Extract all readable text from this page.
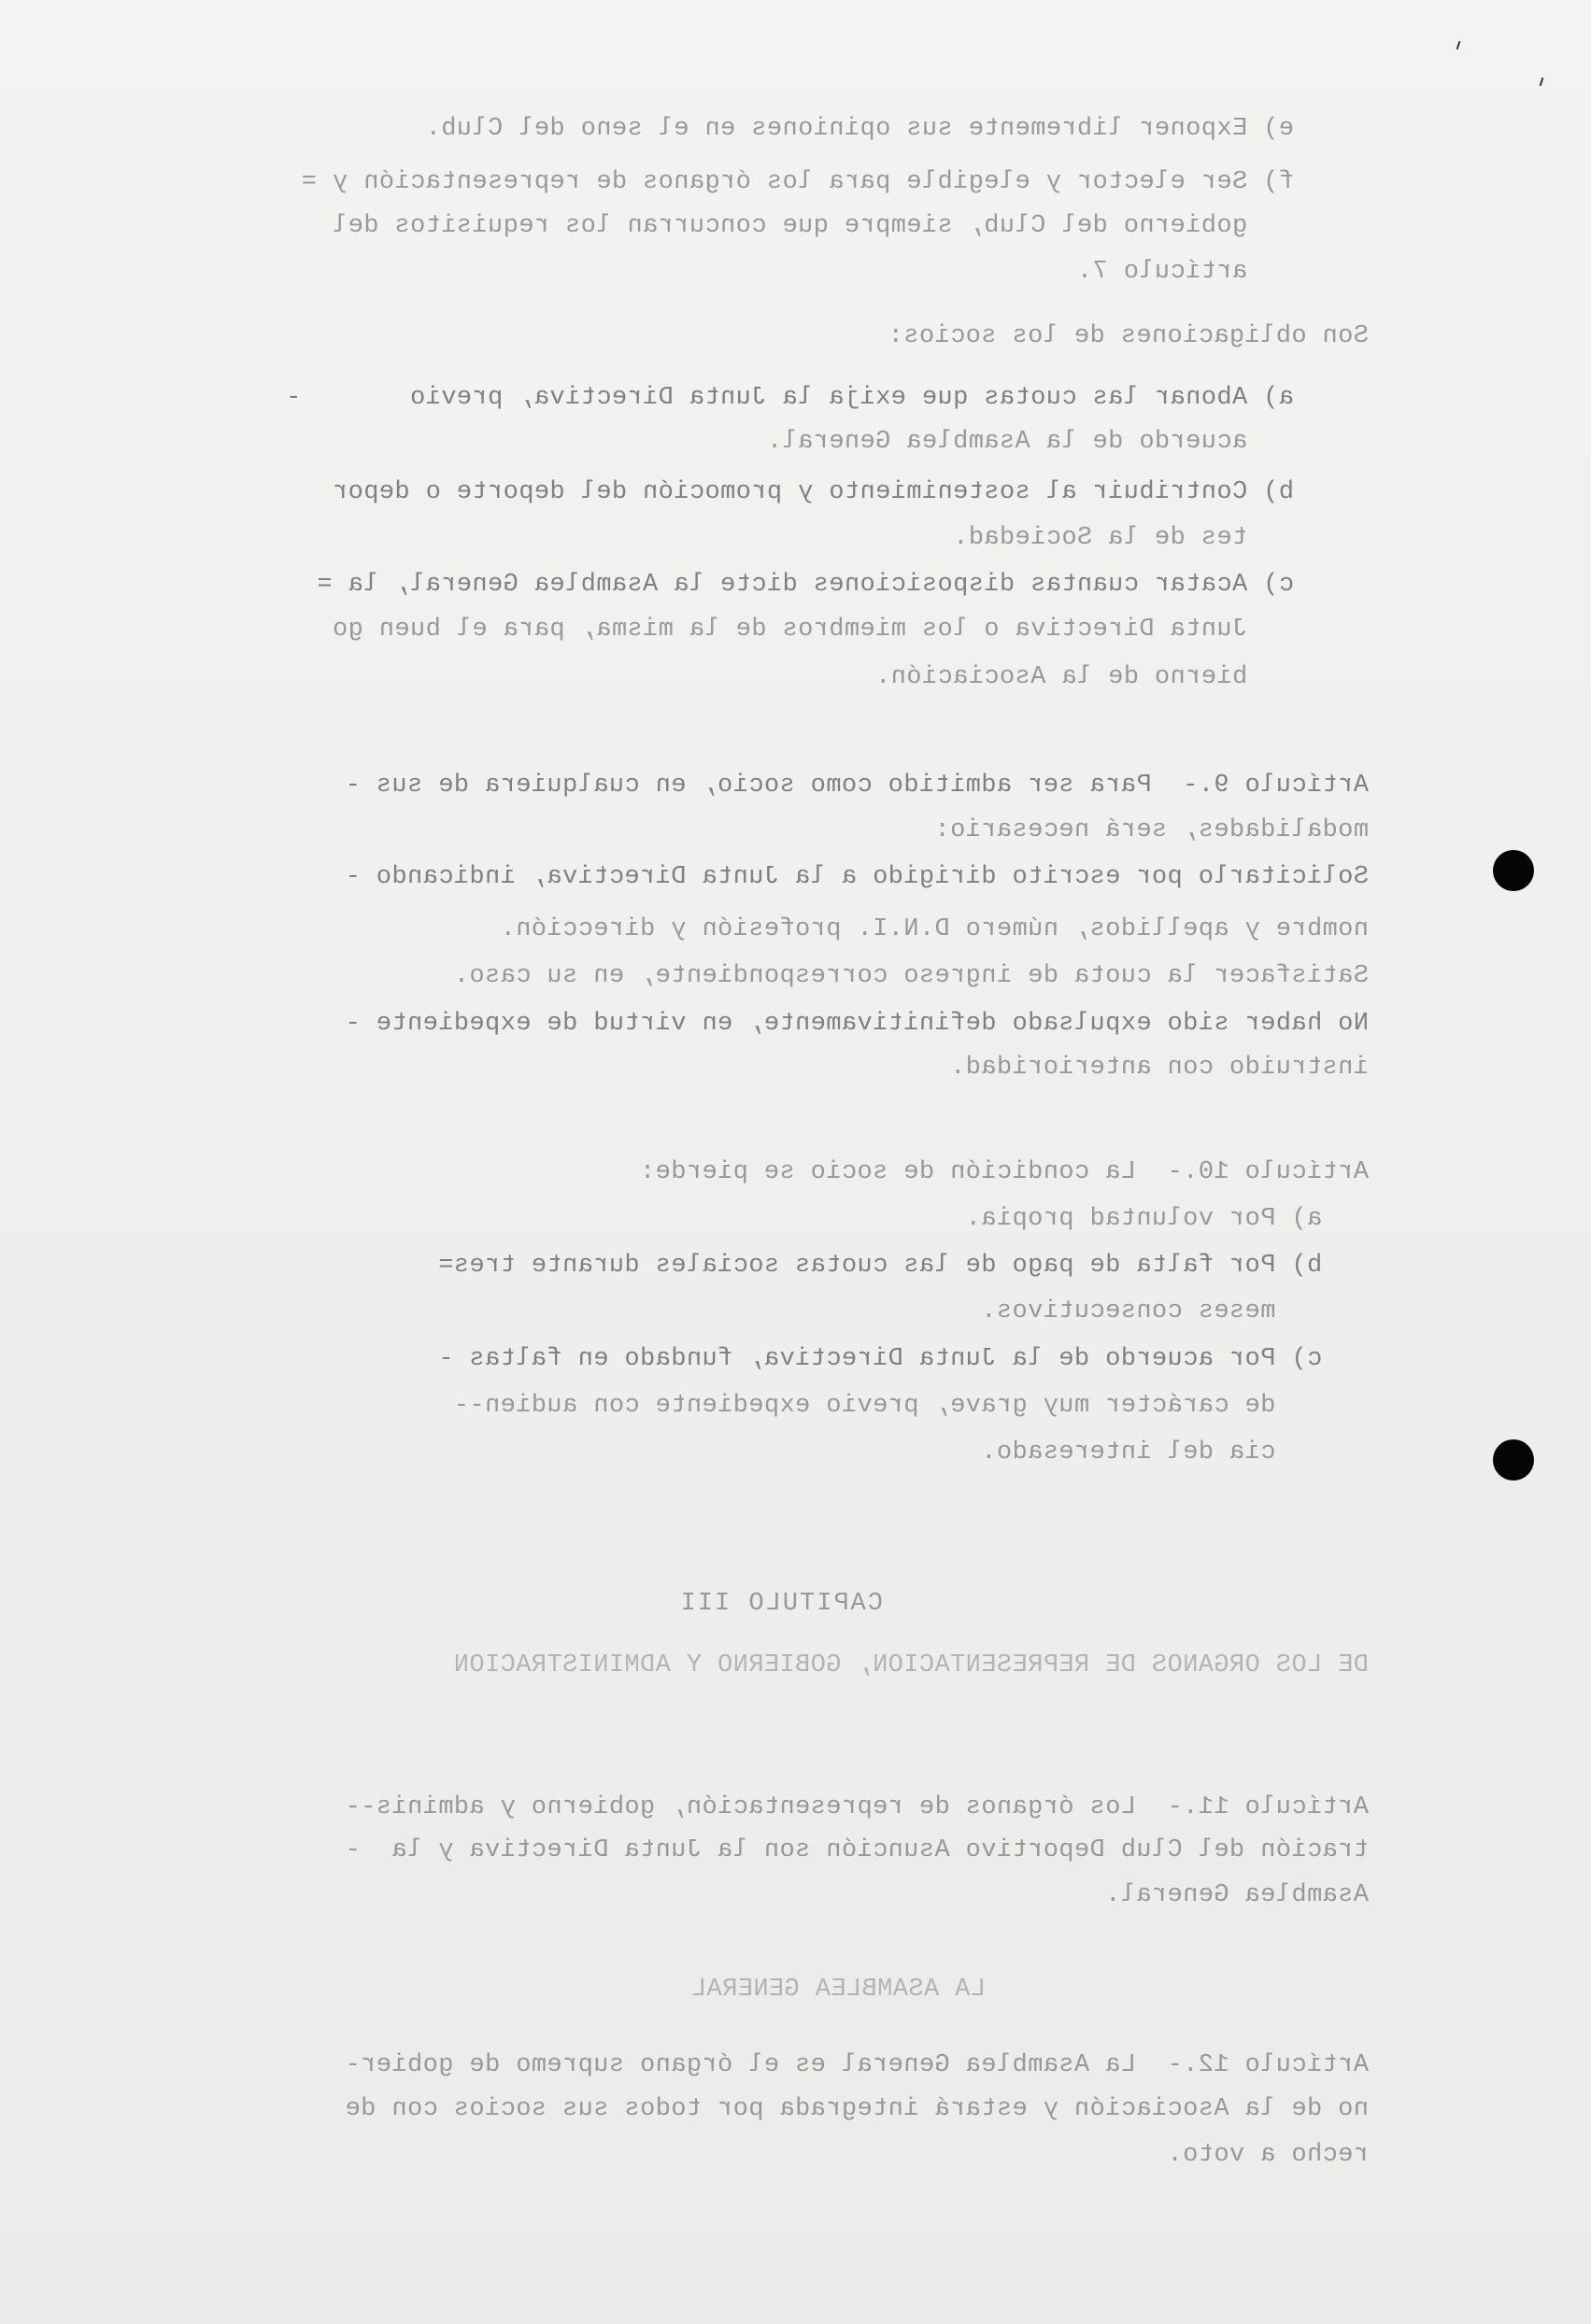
e) Exponer libremente sus opiniones en el seno del Club.
f) Ser elector y elegible para los órganos de representación y =
gobierno del Club, siempre que concurran los requisitos del
artículo 7.
Son obligaciones de los socios:
a) Abonar las cuotas que exija la Junta Directiva, previo       -
acuerdo de la Asamblea General.
b) Contribuir al sostenimiento y promoción del deporte o depor
tes de la Sociedad.
c) Acatar cuantas disposiciones dicte la Asamblea General, la =
Junta Directiva o los miembros de la misma, para el buen go
bierno de la Asociación.
Artículo 9.-  Para ser admitido como socio, en cualquiera de sus -
modalidades, será necesario:
Solicitarlo por escrito dirigido a la Junta Directiva, indicando -
nombre y apellidos, número D.N.I. profesión y dirección.
Satisfacer la cuota de ingreso correspondiente, en su caso.
No haber sido expulsado definitivamente, en virtud de expediente -
instruido con anterioridad.
Artículo 10.-  La condición de socio se pierde:
a) Por voluntad propia.
b) Por falta de pago de las cuotas sociales durante tres=
meses consecutivos.
c) Por acuerdo de la Junta Directiva, fundado en faltas -
de carácter muy grave, previo expediente con audien--
cia del interesado.
CAPITULO III
DE LOS ORGANOS DE REPRESENTACION, GOBIERNO Y ADMINISTRACION
Artículo 11.-  Los órganos de representación, gobierno y adminis--
tración del Club Deportivo Asunción son la Junta Directiva y la  -
Asamblea General.
LA ASAMBLEA GENERAL
Artículo 12.-  La Asamblea General es el órgano supremo de gobier-
no de la Asociación y estará integrada por todos sus socios con de
recho a voto.
